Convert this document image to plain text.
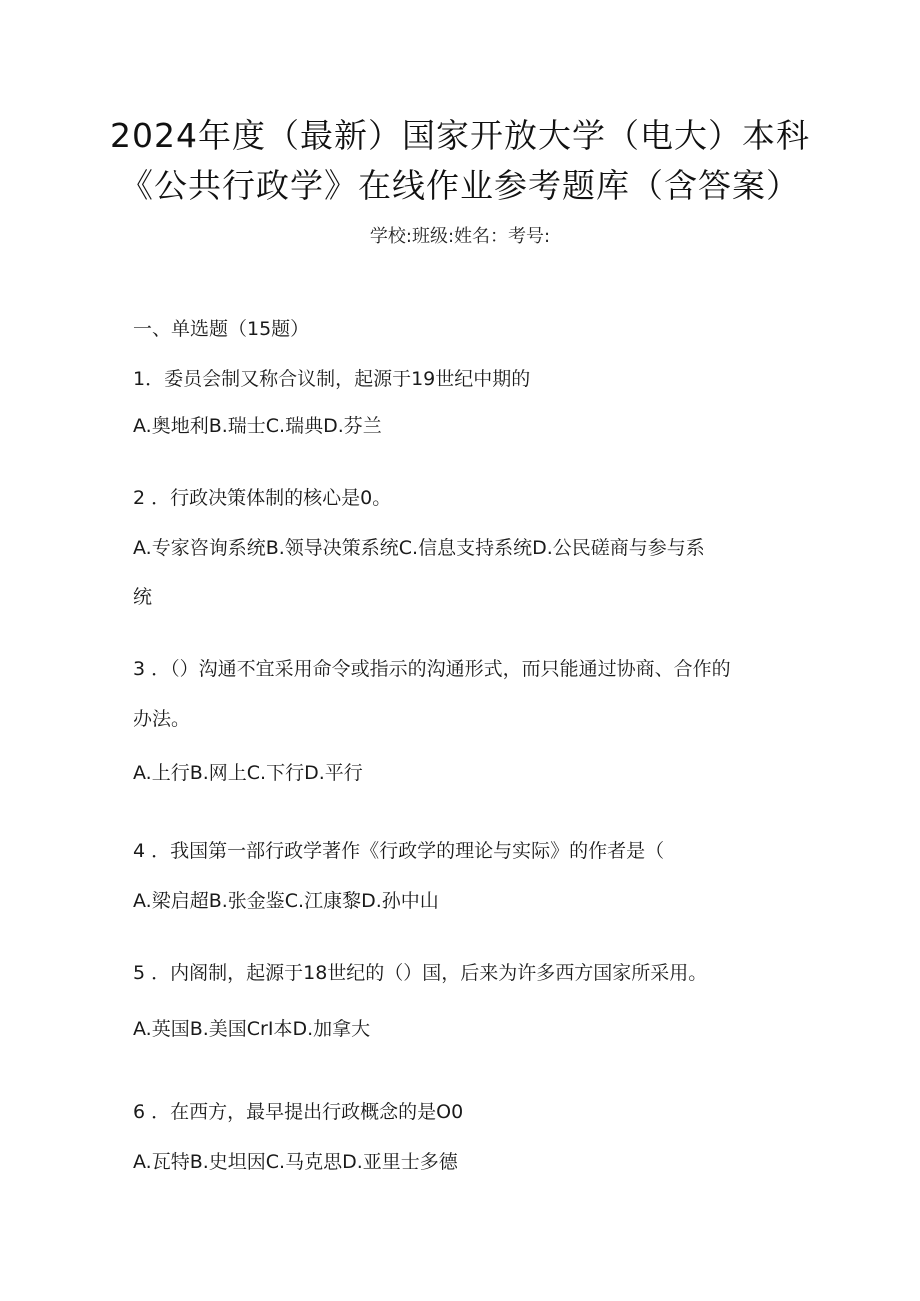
2024年度（最新）国家开放大学（电大）本科
《公共行政学》在线作业参考题库（含答案）
学校:班级:姓名：考号:
一、单选题（15题）
1．委员会制又称合议制，起源于19世纪中期的
A.奥地利B.瑞士C.瑞典D.芬兰
2 ．行政决策体制的核心是0。
A.专家咨询系统B.领导决策系统C.信息支持系统D.公民磋商与参与系
统
3 ．（）沟通不宜采用命令或指示的沟通形式，而只能通过协商、合作的
办法。
A.上行B.网上C.下行D.平行
4 ．我国第一部行政学著作《行政学的理论与实际》的作者是（
A.梁启超B.张金鉴C.江康黎D.孙中山
5 ．内阁制，起源于18世纪的（）国，后来为许多西方国家所采用。
A.英国B.美国CrI本D.加拿大
6 ．在西方，最早提出行政概念的是O0
A.瓦特B.史坦因C.马克思D.亚里士多德
